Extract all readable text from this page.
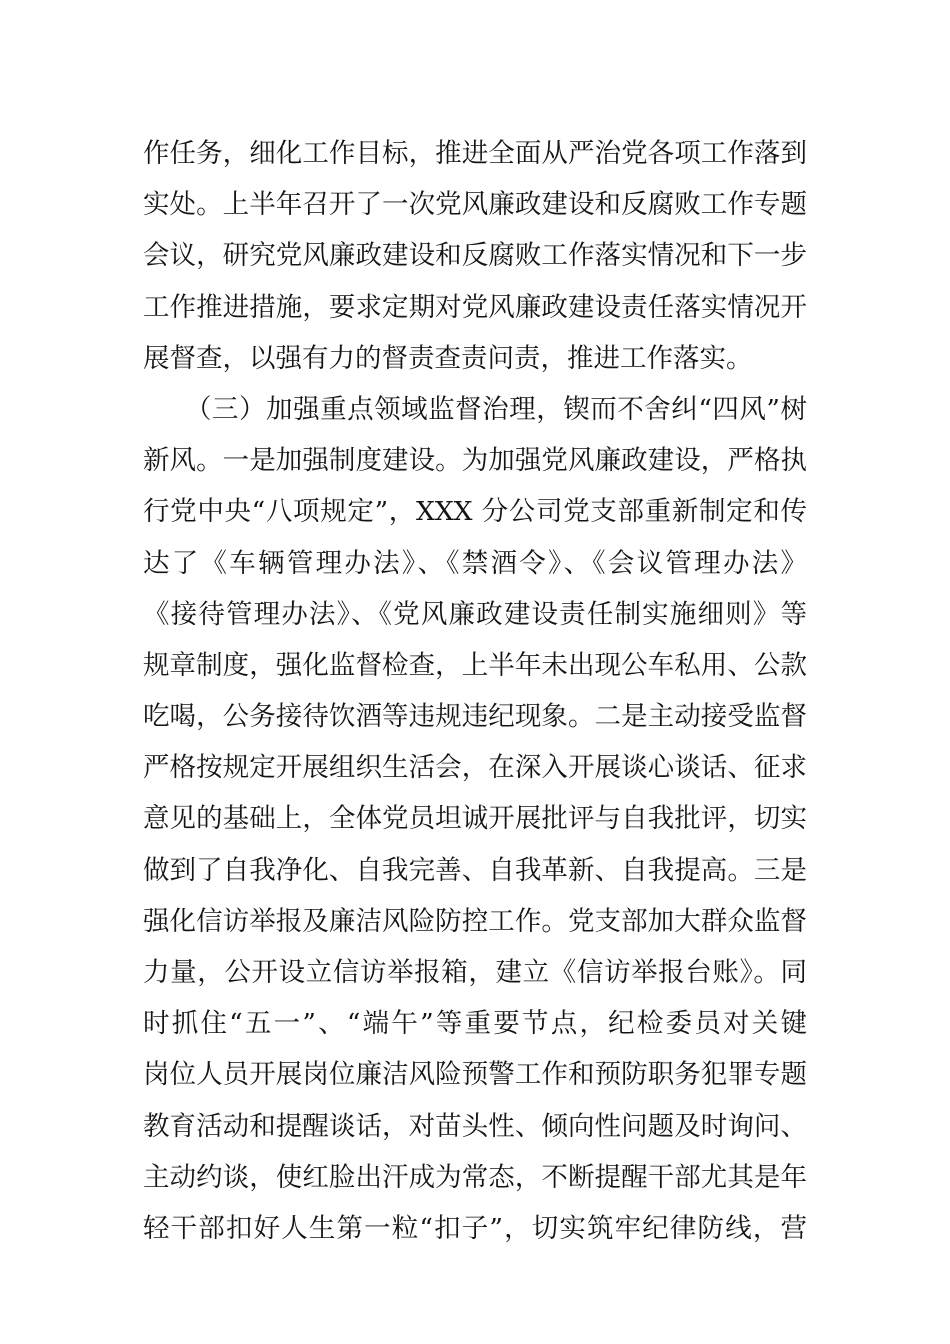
作任务，细化工作目标，推进全面从严治党各项工作落到
实处。上半年召开了一次党风廉政建设和反腐败工作专题
会议，研究党风廉政建设和反腐败工作落实情况和下一步
工作推进措施，要求定期对党风廉政建设责任落实情况开
展督查，以强有力的督责查责问责，推进工作落实。
（三）加强重点领域监督治理，锲而不舍纠“四风”树
新风。一是加强制度建设。为加强党风廉政建设，严格执
行党中央“八项规定”，XXX 分公司党支部重新制定和传
达了《车辆管理办法》、《禁酒令》、《会议管理办法》
《接待管理办法》、《党风廉政建设责任制实施细则》等
规章制度，强化监督检查，上半年未出现公车私用、公款
吃喝，公务接待饮酒等违规违纪现象。二是主动接受监督
严格按规定开展组织生活会，在深入开展谈心谈话、征求
意见的基础上，全体党员坦诚开展批评与自我批评，切实
做到了自我净化、自我完善、自我革新、自我提高。三是
强化信访举报及廉洁风险防控工作。党支部加大群众监督
力量，公开设立信访举报箱，建立《信访举报台账》。同
时抓住“五一”、“端午”等重要节点，纪检委员对关键
岗位人员开展岗位廉洁风险预警工作和预防职务犯罪专题
教育活动和提醒谈话，对苗头性、倾向性问题及时询问、
主动约谈，使红脸出汗成为常态，不断提醒干部尤其是年
轻干部扣好人生第一粒“扣子”，切实筑牢纪律防线，营
